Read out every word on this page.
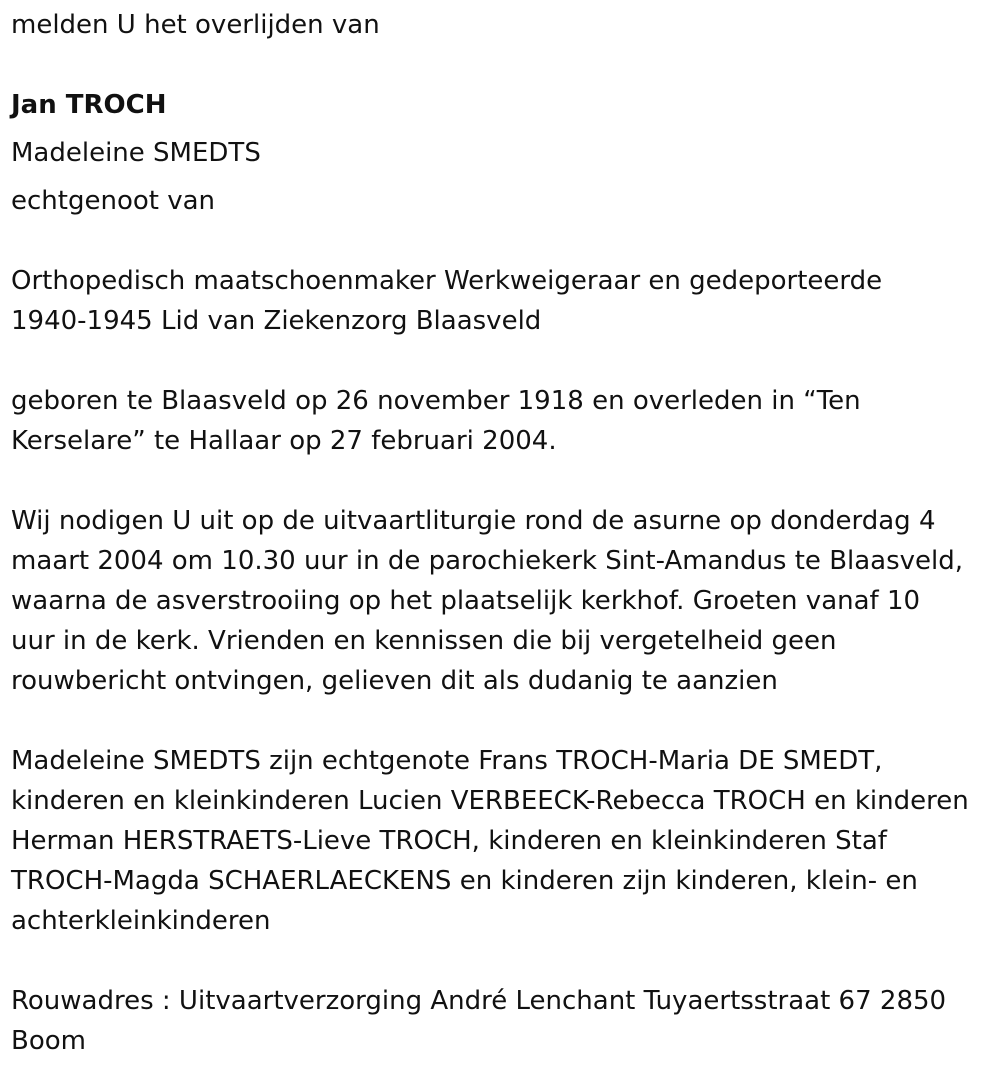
melden U het overlijden van

Jan TROCH

Madeleine SMEDTS

echtgenoot van

Orthopedisch maatschoenmaker Werkweigeraar en gedeporteerde

1940-1945 Lid van Ziekenzorg Blaasveld

geboren te Blaasveld op 26 november 1918 en overleden in “Ten

Kerselare” te Hallaar op 27 februari 2004.

Wij nodigen U uit op de uitvaartliturgie rond de asurne op donderdag 4

maart 2004 om 10.30 uur in de parochiekerk Sint-Amandus te Blaasveld,

waarna de asverstrooiing op het plaatselijk kerkhof. Groeten vanaf 10

uur in de kerk. Vrienden en kennissen die bij vergetelheid geen

rouwbericht ontvingen, gelieven dit als dudanig te aanzien

Madeleine SMEDTS zijn echtgenote Frans TROCH-Maria DE SMEDT,

kinderen en kleinkinderen Lucien VERBEECK-Rebecca TROCH en kinderen

Herman HERSTRAETS-Lieve TROCH, kinderen en kleinkinderen Staf

TROCH-Magda SCHAERLAECKENS en kinderen zijn kinderen, klein- en

achterkleinkinderen

Rouwadres : Uitvaartverzorging André Lenchant Tuyaertsstraat 67 2850

Boom
